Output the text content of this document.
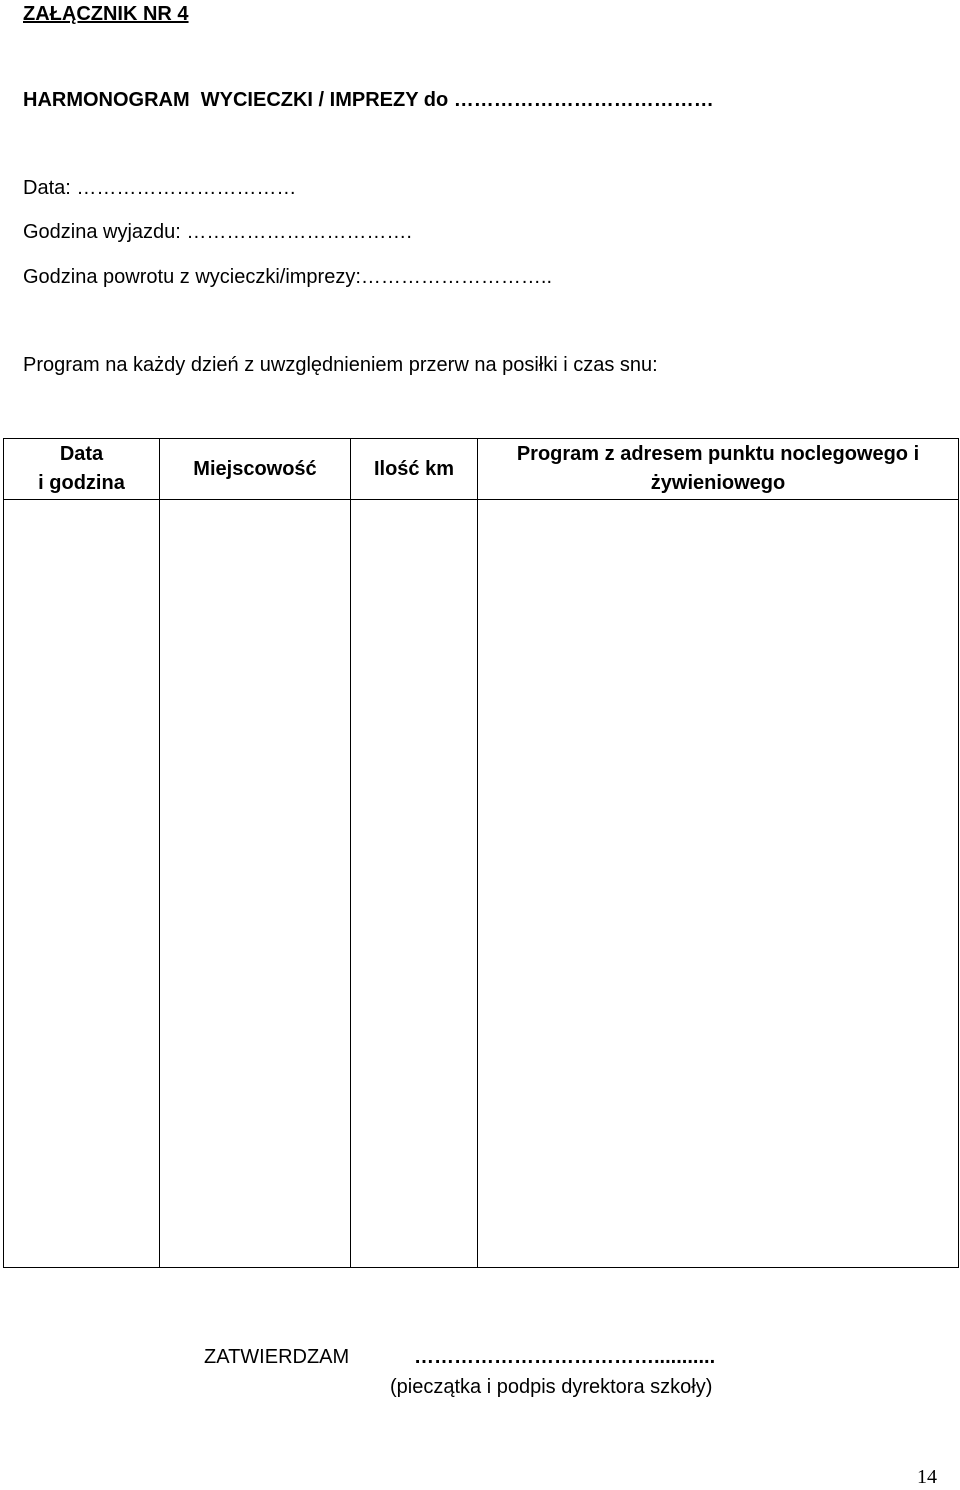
ZAŁĄCZNIK NR 4
HARMONOGRAM  WYCIECZKI / IMPREZY do …………………………………
Data: ……………………………
Godzina wyjazdu: …………………………….
Godzina powrotu z wycieczki/imprezy:………………………..
Program na każdy dzień z uwzględnieniem przerw na posiłki i czas snu:
Data
i godzina	Miejscowość	Ilość km	Program z adresem punktu noclegowego i
żywieniowego

ZATWIERDZAM	………………………………...........
(pieczątka i podpis dyrektora szkoły)
14
